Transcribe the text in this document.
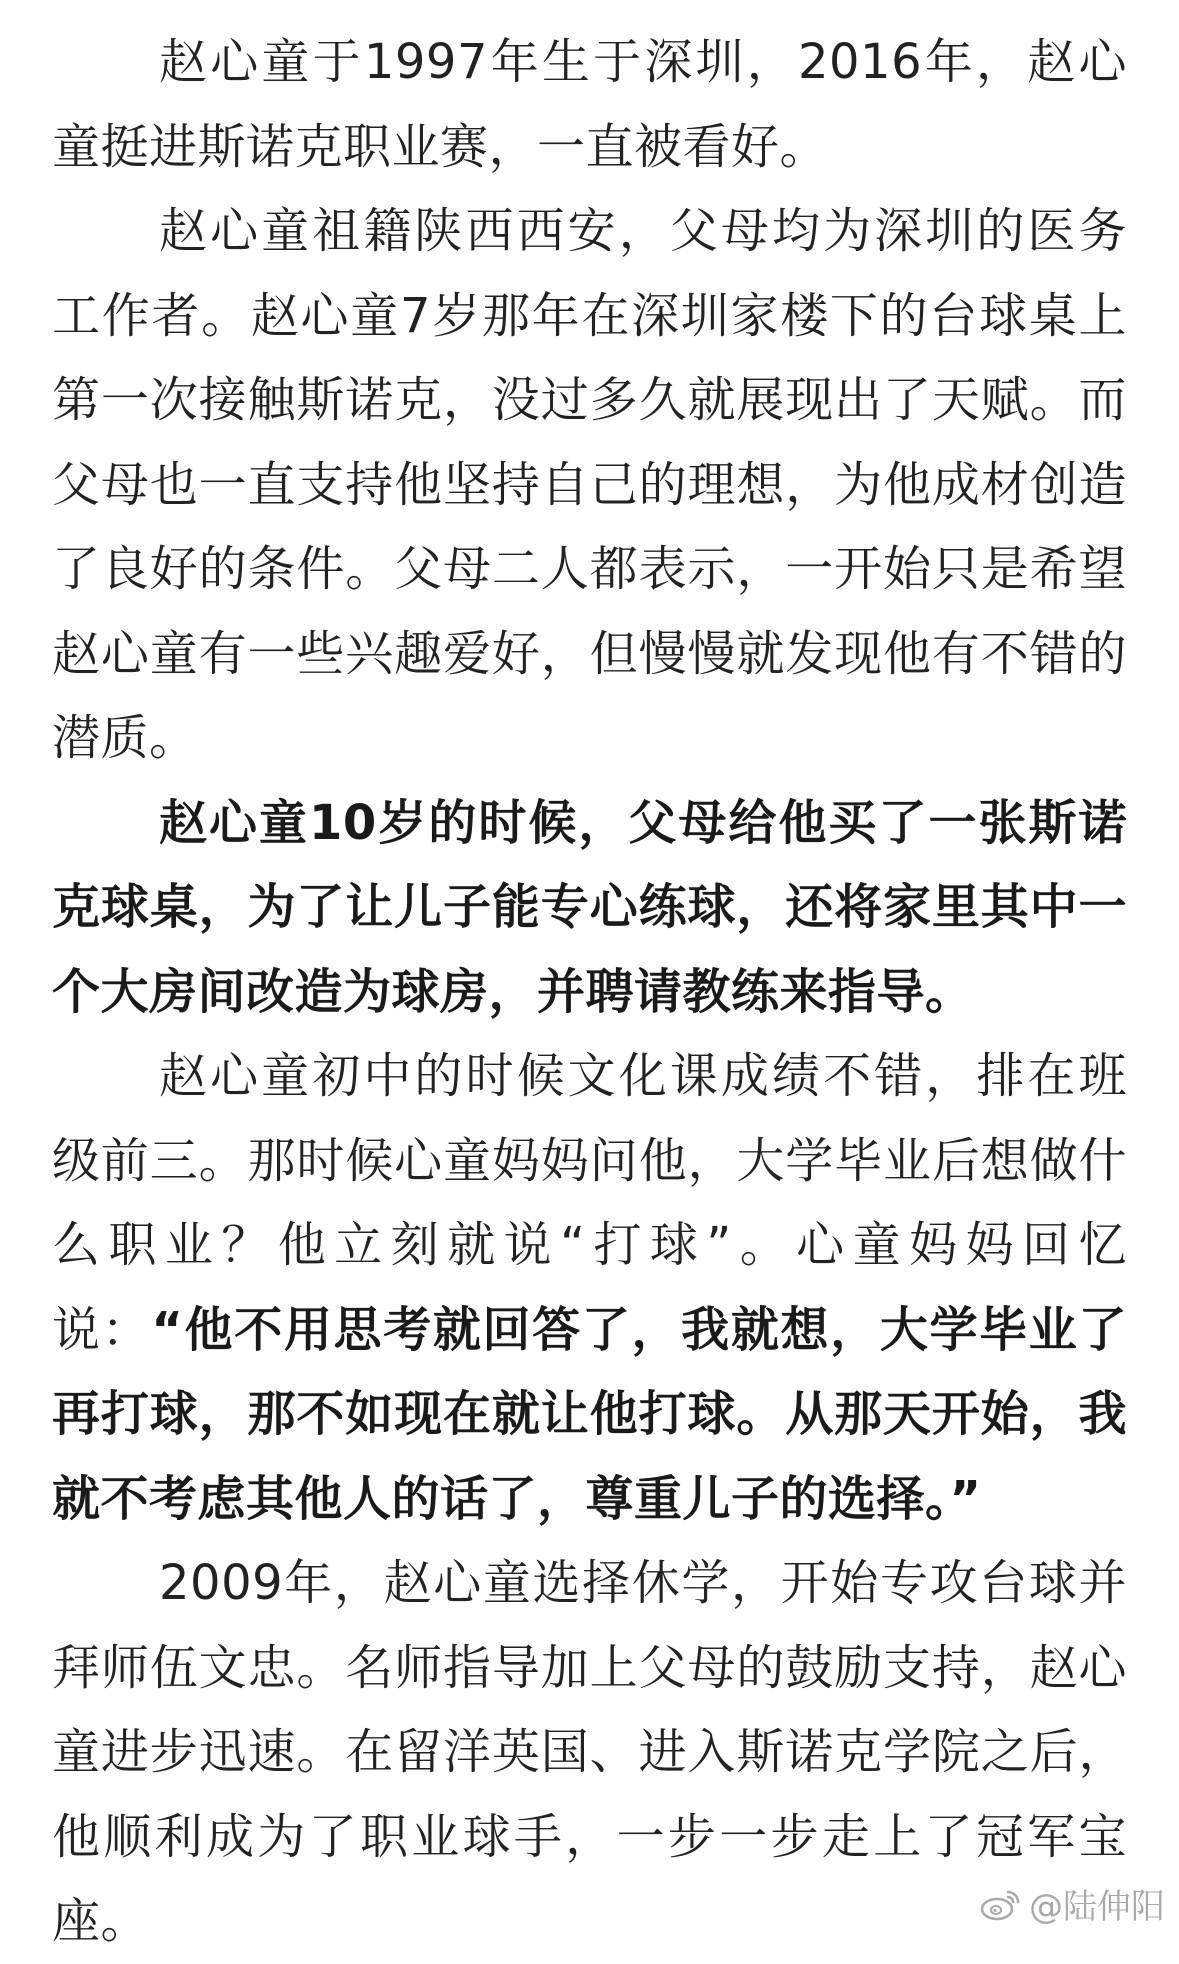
赵心童于1997年生于深圳，2016年，赵心童挺进斯诺克职业赛，一直被看好。

赵心童祖籍陕西西安，父母均为深圳的医务工作者。赵心童7岁那年在深圳家楼下的台球桌上第一次接触斯诺克，没过多久就展现出了天赋。而父母也一直支持他坚持自己的理想，为他成材创造了良好的条件。父母二人都表示，一开始只是希望赵心童有一些兴趣爱好，但慢慢就发现他有不错的潜质。

赵心童10岁的时候，父母给他买了一张斯诺克球桌，为了让儿子能专心练球，还将家里其中一个大房间改造为球房，并聘请教练来指导。

赵心童初中的时候文化课成绩不错，排在班级前三。那时候心童妈妈问他，大学毕业后想做什么职业？他立刻就说“打球”。心童妈妈回忆说：“他不用思考就回答了，我就想，大学毕业了再打球，那不如现在就让他打球。从那天开始，我就不考虑其他人的话了，尊重儿子的选择。”

2009年，赵心童选择休学，开始专攻台球并拜师伍文忠。名师指导加上父母的鼓励支持，赵心童进步迅速。在留洋英国、进入斯诺克学院之后，他顺利成为了职业球手，一步一步走上了冠军宝座。	@陆伸阳
